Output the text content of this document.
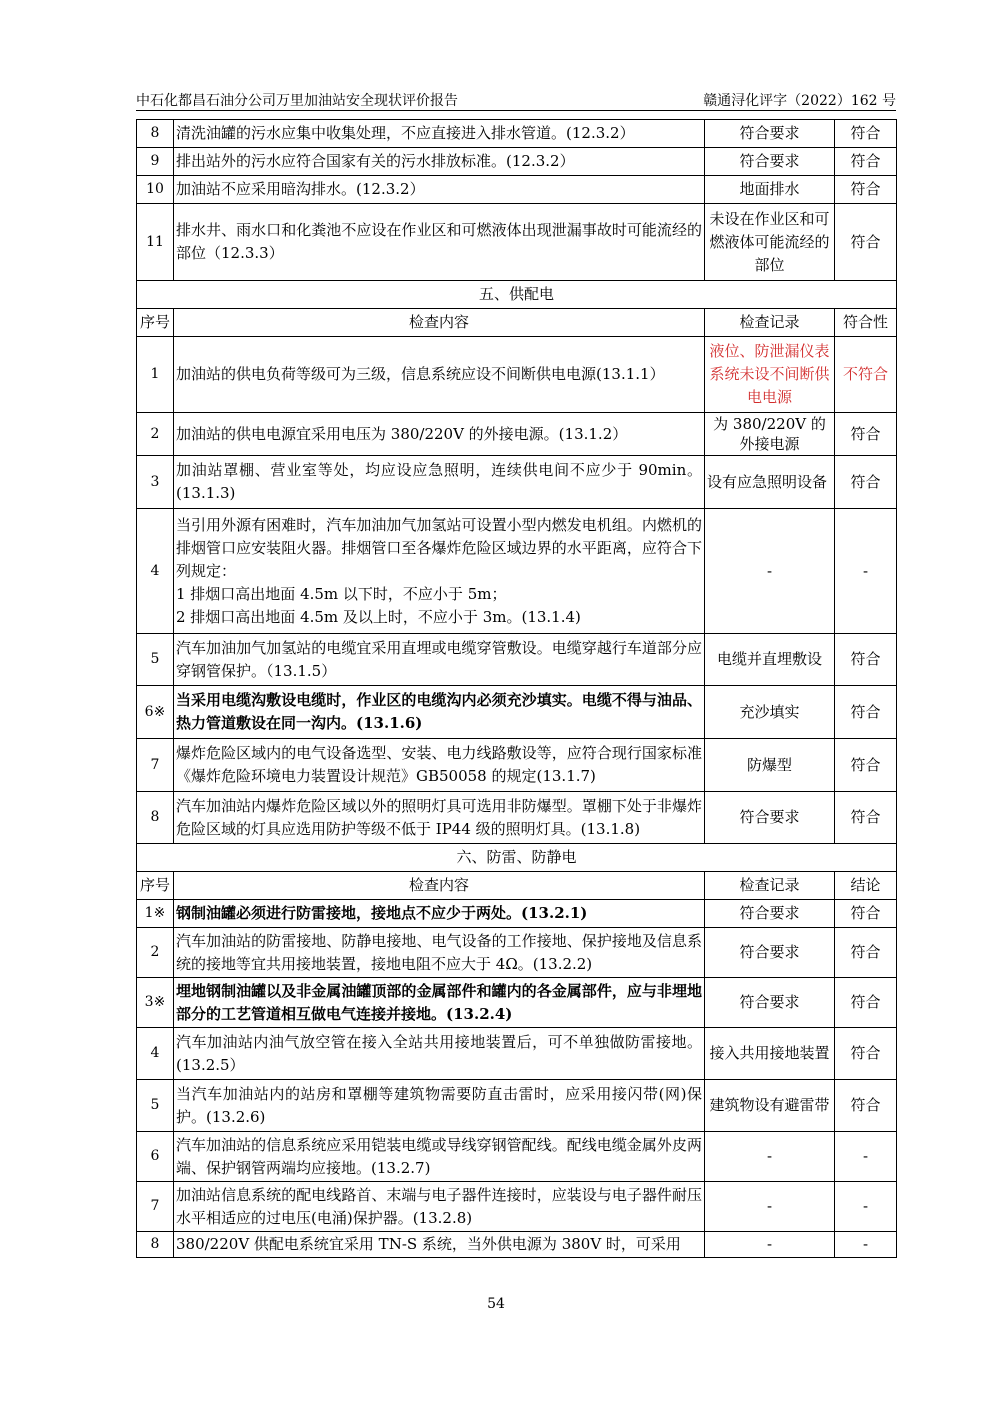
中石化都昌石油分公司万里加油站安全现状评价报告	赣通浔化评字（2022）162 号
8	清洗油罐的污水应集中收集处理，不应直接进入排水管道。(12.3.2）	符合要求	符合
9	排出站外的污水应符合国家有关的污水排放标准。(12.3.2）	符合要求	符合
10	加油站不应采用暗沟排水。(12.3.2）	地面排水	符合
11	排水井、雨水口和化粪池不应设在作业区和可燃液体出现泄漏事故时可能流经的部位（12.3.3）	未设在作业区和可燃液体可能流经的部位	符合
五、供配电			
序号	检查内容	检查记录	符合性
1	加油站的供电负荷等级可为三级，信息系统应设不间断供电电源(13.1.1）	液位、防泄漏仪表系统未设不间断供电电源	不符合
2	加油站的供电电源宜采用电压为 380/220V 的外接电源。(13.1.2）	为 380/220V 的外接电源	符合
3	加油站罩棚、营业室等处，均应设应急照明，连续供电间不应少于 90min。(13.1.3)	设有应急照明设备	符合
4	当引用外源有困难时，汽车加油加气加氢站可设置小型内燃发电机组。内燃机的排烟管口应安装阻火器。排烟管口至各爆炸危险区域边界的水平距离，应符合下列规定：
1 排烟口高出地面 4.5m 以下时，不应小于 5m；
2 排烟口高出地面 4.5m 及以上时，不应小于 3m。(13.1.4)	-	-
5	汽车加油加气加氢站的电缆宜采用直埋或电缆穿管敷设。电缆穿越行车道部分应穿钢管保护。（13.1.5）	电缆并直埋敷设	符合
6※	当采用电缆沟敷设电缆时，作业区的电缆沟内必须充沙填实。电缆不得与油品、热力管道敷设在同一沟内。(13.1.6)	充沙填实	符合
7	爆炸危险区域内的电气设备选型、安装、电力线路敷设等，应符合现行国家标准《爆炸危险环境电力装置设计规范》GB50058 的规定(13.1.7)	防爆型	符合
8	汽车加油站内爆炸危险区域以外的照明灯具可选用非防爆型。罩棚下处于非爆炸危险区域的灯具应选用防护等级不低于 IP44 级的照明灯具。(13.1.8)	符合要求	符合
六、防雷、防静电			
序号	检查内容	检查记录	结论
1※	钢制油罐必须进行防雷接地，接地点不应少于两处。(13.2.1)	符合要求	符合
2	汽车加油站的防雷接地、防静电接地、电气设备的工作接地、保护接地及信息系统的接地等宜共用接地装置，接地电阻不应大于 4Ω。(13.2.2)	符合要求	符合
3※	埋地钢制油罐以及非金属油罐顶部的金属部件和罐内的各金属部件，应与非埋地部分的工艺管道相互做电气连接并接地。(13.2.4)	符合要求	符合
4	汽车加油站内油气放空管在接入全站共用接地装置后，可不单独做防雷接地。(13.2.5）	接入共用接地装置	符合
5	当汽车加油站内的站房和罩棚等建筑物需要防直击雷时，应采用接闪带(网)保护。(13.2.6)	建筑物设有避雷带	符合
6	汽车加油站的信息系统应采用铠装电缆或导线穿钢管配线。配线电缆金属外皮两端、保护钢管两端均应接地。(13.2.7)	-	-
7	加油站信息系统的配电线路首、末端与电子器件连接时，应装设与电子器件耐压水平相适应的过电压(电涌)保护器。(13.2.8)	-	-
8	380/220V 供配电系统宜采用 TN-S 系统，当外供电源为 380V 时，可采用	-	-
54
